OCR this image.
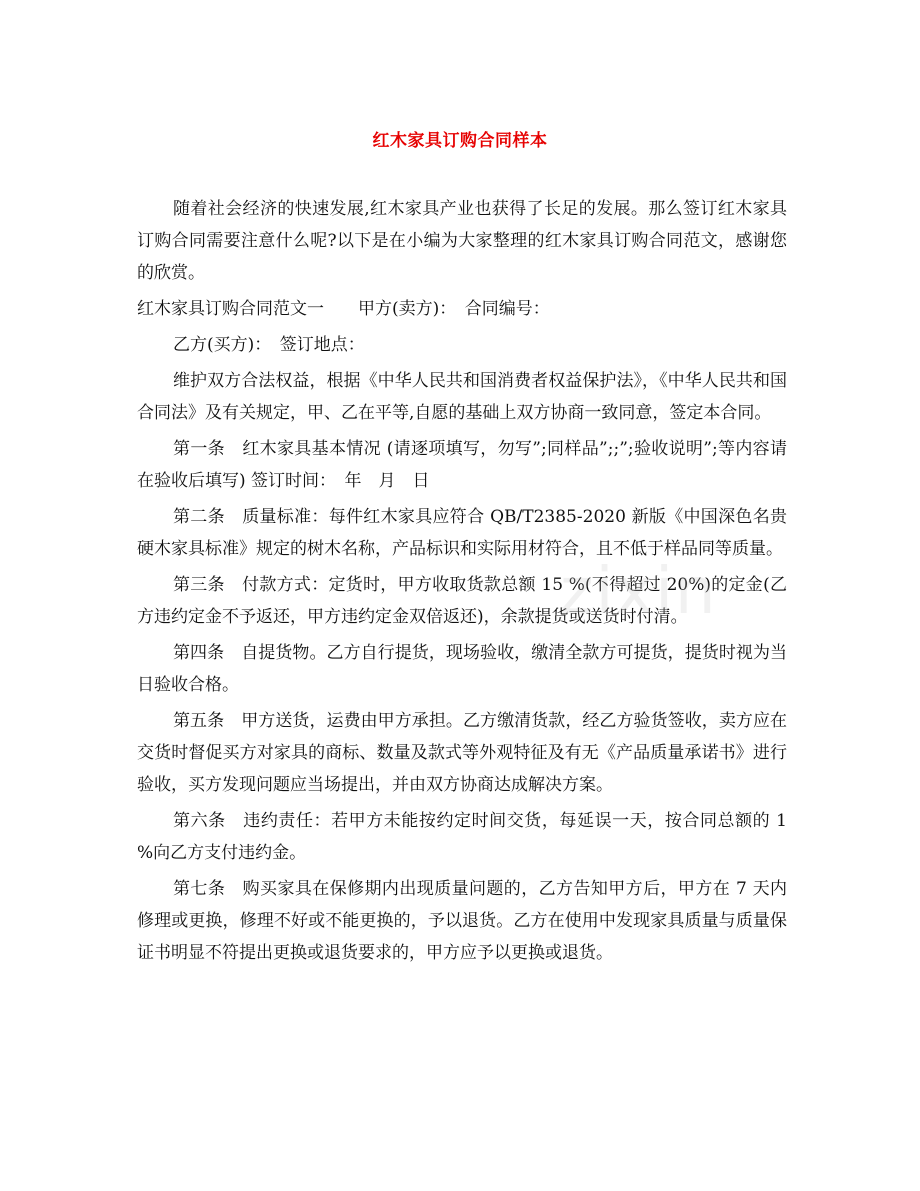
红木家具订购合同样本

随着社会经济的快速发展,红木家具产业也获得了长足的发展。那么签订红木家具订购合同需要注意什么呢?以下是在小编为大家整理的红木家具订购合同范文，感谢您的欣赏。

红木家具订购合同范文一　　甲方(卖方)：　合同编号：

乙方(买方)：　签订地点：

维护双方合法权益，根据《中华人民共和国消费者权益保护法》，《中华人民共和国合同法》及有关规定，甲、乙在平等,自愿的基础上双方协商一致同意，签定本合同。

第一条　红木家具基本情况 (请逐项填写，勿写”;同样品”;;”;验收说明”;等内容请在验收后填写) 签订时间：　年　月　日

第二条　质量标准：每件红木家具应符合 QB/T2385-2020 新版《中国深色名贵硬木家具标准》规定的树木名称，产品标识和实际用材符合，且不低于样品同等质量。

第三条　付款方式：定货时，甲方收取货款总额 15 %(不得超过 20%)的定金(乙方违约定金不予返还，甲方违约定金双倍返还)，余款提货或送货时付清。

第四条　自提货物。乙方自行提货，现场验收，缴清全款方可提货，提货时视为当日验收合格。

第五条　甲方送货，运费由甲方承担。乙方缴清货款，经乙方验货签收，卖方应在交货时督促买方对家具的商标、数量及款式等外观特征及有无《产品质量承诺书》进行验收，买方发现问题应当场提出，并由双方协商达成解决方案。

第六条　违约责任：若甲方未能按约定时间交货，每延误一天，按合同总额的 1 %向乙方支付违约金。

第七条　购买家具在保修期内出现质量问题的，乙方告知甲方后，甲方在 7 天内修理或更换，修理不好或不能更换的，予以退货。乙方在使用中发现家具质量与质量保证书明显不符提出更换或退货要求的，甲方应予以更换或退货。

zixin
